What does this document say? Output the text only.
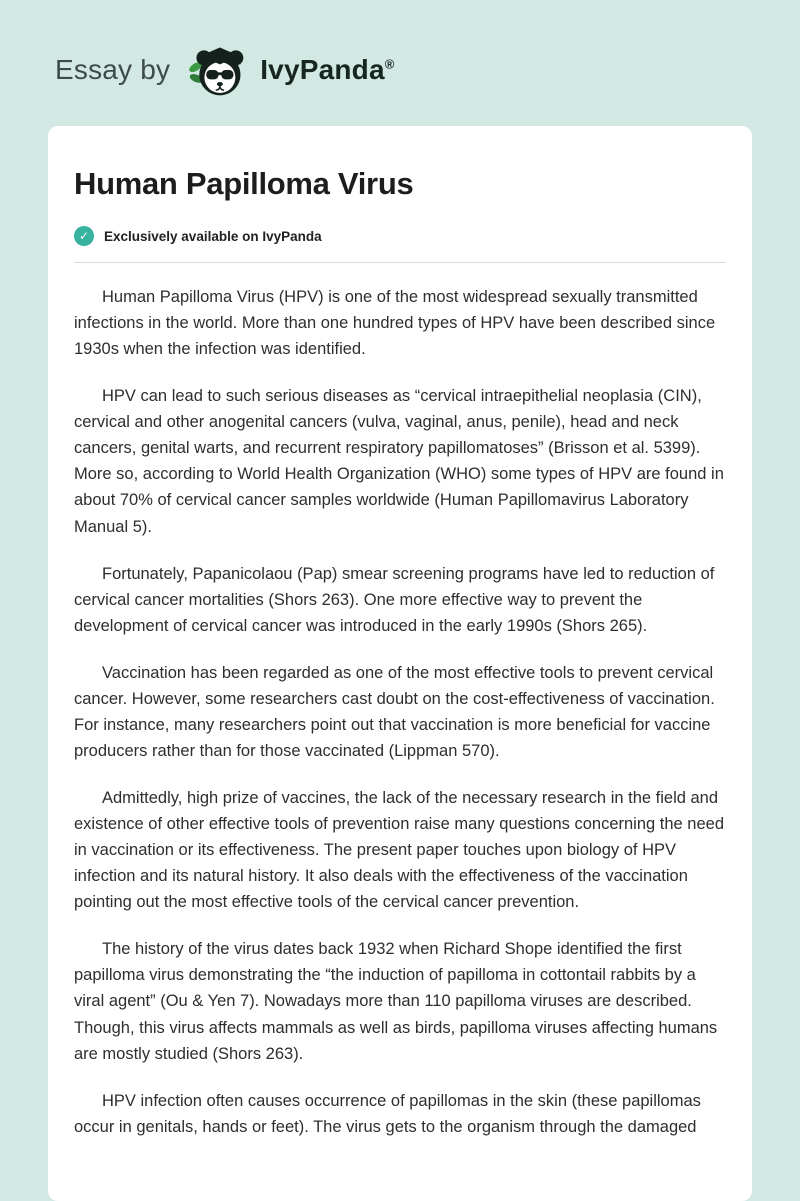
Essay by	IvyPanda®
Human Papilloma Virus
✓	Exclusively available on IvyPanda

Human Papilloma Virus (HPV) is one of the most widespread sexually transmitted infections in the world. More than one hundred types of HPV have been described since 1930s when the infection was identified.

HPV can lead to such serious diseases as “cervical intraepithelial neoplasia (CIN), cervical and other anogenital cancers (vulva, vaginal, anus, penile), head and neck cancers, genital warts, and recurrent respiratory papillomatoses” (Brisson et al. 5399). More so, according to World Health Organization (WHO) some types of HPV are found in about 70% of cervical cancer samples worldwide (Human Papillomavirus Laboratory Manual 5).

Fortunately, Papanicolaou (Pap) smear screening programs have led to reduction of cervical cancer mortalities (Shors 263). One more effective way to prevent the development of cervical cancer was introduced in the early 1990s (Shors 265).

Vaccination has been regarded as one of the most effective tools to prevent cervical cancer. However, some researchers cast doubt on the cost-effectiveness of vaccination. For instance, many researchers point out that vaccination is more beneficial for vaccine producers rather than for those vaccinated (Lippman 570).

Admittedly, high prize of vaccines, the lack of the necessary research in the field and existence of other effective tools of prevention raise many questions concerning the need in vaccination or its effectiveness. The present paper touches upon biology of HPV infection and its natural history. It also deals with the effectiveness of the vaccination pointing out the most effective tools of the cervical cancer prevention.

The history of the virus dates back 1932 when Richard Shope identified the first papilloma virus demonstrating the “the induction of papilloma in cottontail rabbits by a viral agent” (Ou & Yen 7). Nowadays more than 110 papilloma viruses are described. Though, this virus affects mammals as well as birds, papilloma viruses affecting humans are mostly studied (Shors 263).

HPV infection often causes occurrence of papillomas in the skin (these papillomas occur in genitals, hands or feet). The virus gets to the organism through the damaged
